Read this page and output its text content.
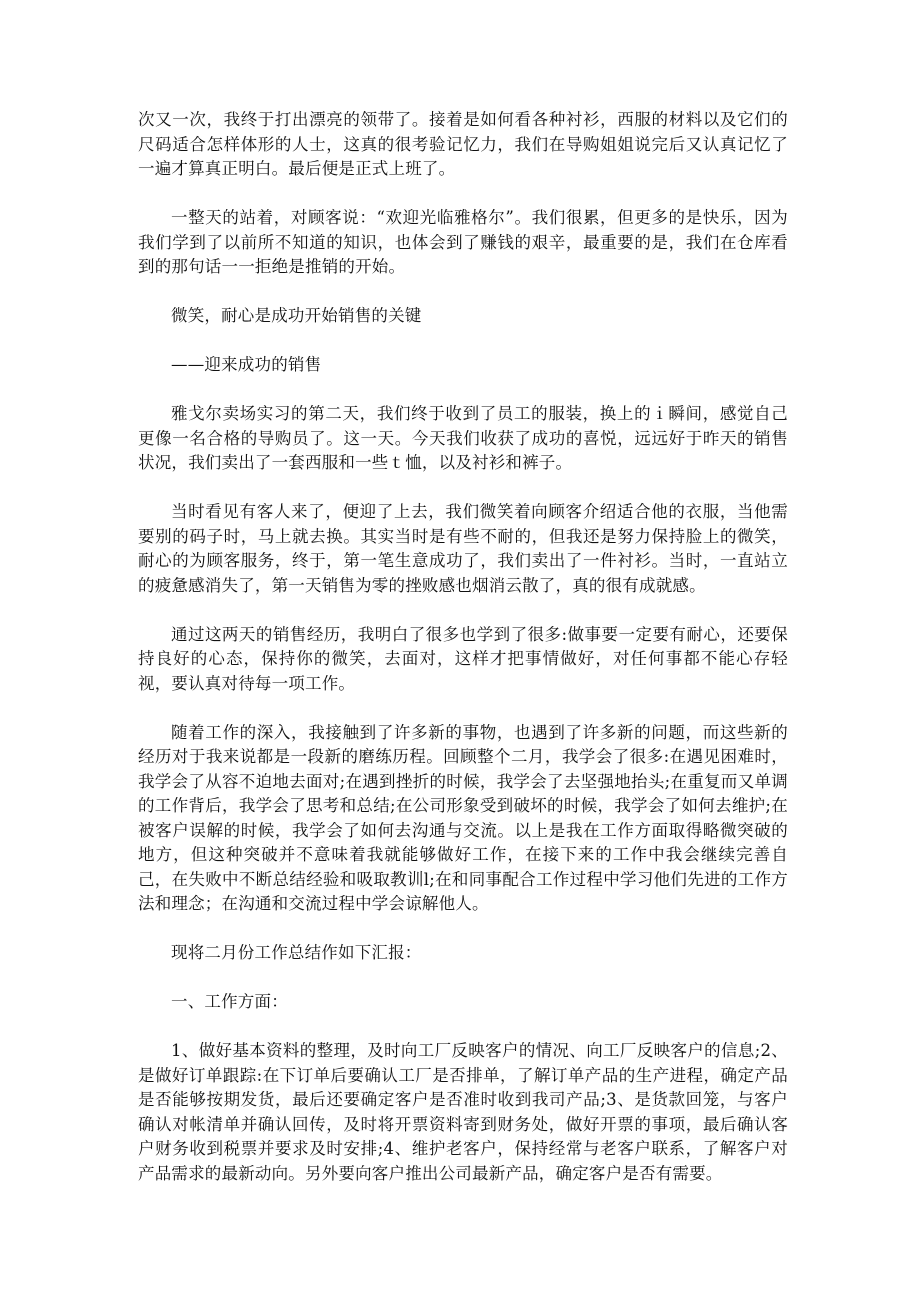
次又一次，我终于打出漂亮的领带了。接着是如何看各种衬衫，西服的材料以及它们的尺码适合怎样体形的人士，这真的很考验记忆力，我们在导购姐姐说完后又认真记忆了一遍才算真正明白。最后便是正式上班了。

一整天的站着，对顾客说：“欢迎光临雅格尔”。我们很累，但更多的是快乐，因为我们学到了以前所不知道的知识，也体会到了赚钱的艰辛，最重要的是，我们在仓库看到的那句话一一拒绝是推销的开始。

微笑，耐心是成功开始销售的关键

——迎来成功的销售

雅戈尔卖场实习的第二天，我们终于收到了员工的服装，换上的ｉ瞬间，感觉自己更像一名合格的导购员了。这一天。今天我们收获了成功的喜悦，远远好于昨天的销售状况，我们卖出了一套西服和一些ｔ恤，以及衬衫和裤子。

当时看见有客人来了，便迎了上去，我们微笑着向顾客介绍适合他的衣服，当他需要别的码子时，马上就去换。其实当时是有些不耐的，但我还是努力保持脸上的微笑，耐心的为顾客服务，终于，第一笔生意成功了，我们卖出了一件衬衫。当时，一直站立的疲惫感消失了，第一天销售为零的挫败感也烟消云散了，真的很有成就感。

通过这两天的销售经历，我明白了很多也学到了很多:做事要一定要有耐心，还要保持良好的心态，保持你的微笑，去面对，这样才把事情做好，对任何事都不能心存轻视，要认真对待每一项工作。

随着工作的深入，我接触到了许多新的事物，也遇到了许多新的问题，而这些新的经历对于我来说都是一段新的磨练历程。回顾整个二月，我学会了很多:在遇见困难时，我学会了从容不迫地去面对;在遇到挫折的时候，我学会了去坚强地抬头;在重复而又单调的工作背后，我学会了思考和总结;在公司形象受到破坏的时候，我学会了如何去维护;在被客户误解的时候，我学会了如何去沟通与交流。以上是我在工作方面取得略微突破的地方，但这种突破并不意味着我就能够做好工作，在接下来的工作中我会继续完善自己，在失败中不断总结经验和吸取教训l;在和同事配合工作过程中学习他们先进的工作方法和理念；在沟通和交流过程中学会谅解他人。

现将二月份工作总结作如下汇报：

一、工作方面：

1、做好基本资料的整理，及时向工厂反映客户的情况、向工厂反映客户的信息;2、是做好订单跟踪:在下订单后要确认工厂是否排单，了解订单产品的生产进程，确定产品是否能够按期发货，最后还要确定客户是否准时收到我司产品;3、是货款回笼，与客户确认对帐清单并确认回传，及时将开票资料寄到财务处，做好开票的事项，最后确认客户财务收到税票并要求及时安排;4、维护老客户，保持经常与老客户联系，了解客户对产品需求的最新动向。另外要向客户推出公司最新产品，确定客户是否有需要。
